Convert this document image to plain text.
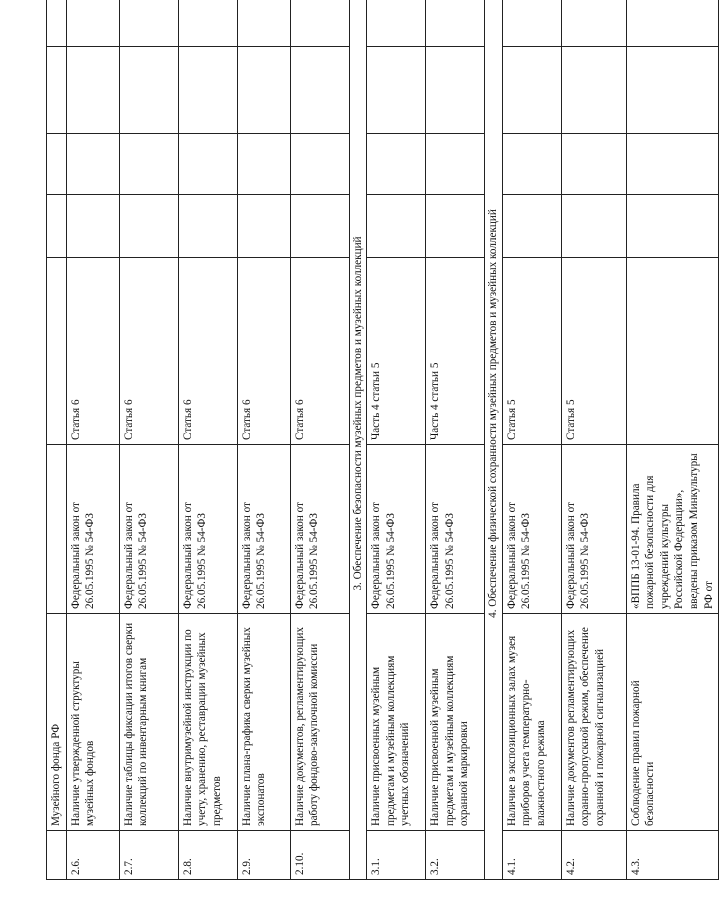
	Музейного фонда РФ						
2.6.	Наличие утвержденной структуры музейных фондов	Федеральный закон от 26.05.1995 № 54-ФЗ	Статья 6				
2.7.	Наличие таблицы фиксации итогов сверки коллекций по инвентарным книгам	Федеральный закон от 26.05.1995 № 54-ФЗ	Статья 6				
2.8.	Наличие внутримузейной инструкции по учету, хранению, реставрации музейных предметов	Федеральный закон от 26.05.1995 № 54-ФЗ	Статья 6				
2.9.	Наличие плана-графика сверки музейных экспонатов	Федеральный закон от 26.05.1995 № 54-ФЗ	Статья 6				
2.10.	Наличие документов, регламентирующих работу фондово-закупочной комиссии	Федеральный закон от 26.05.1995 № 54-ФЗ	Статья 6				
3. Обеспечение безопасности музейных предметов и музейных коллекций							
3.1.	Наличие присвоенных музейным предметам и музейным коллекциям учетных обозначений	Федеральный закон от 26.05.1995 № 54-ФЗ	Часть 4 статьи 5				
3.2.	Наличие присвоенной музейным предметам и музейным коллекциям охранной маркировки	Федеральный закон от 26.05.1995 № 54-ФЗ	Часть 4 статьи 5				
4. Обеспечение физической сохранности музейных предметов и музейных коллекций							
4.1.	Наличие в экспозиционных залах музея приборов учета температурно-влажностного режима	Федеральный закон от 26.05.1995 № 54-ФЗ	Статья 5				
4.2.	Наличие документов регламентирующих охранно-пропускной режим, обеспечение охранной и пожарной сигнализацией	Федеральный закон от 26.05.1995 № 54-ФЗ	Статья 5				
4.3.	Соблюдение правил пожарной безопасности	«ВППБ 13-01-94. Правила пожарной безопасности для учреждений культуры Российской Федерации», введены приказом Минкультуры РФ от					
